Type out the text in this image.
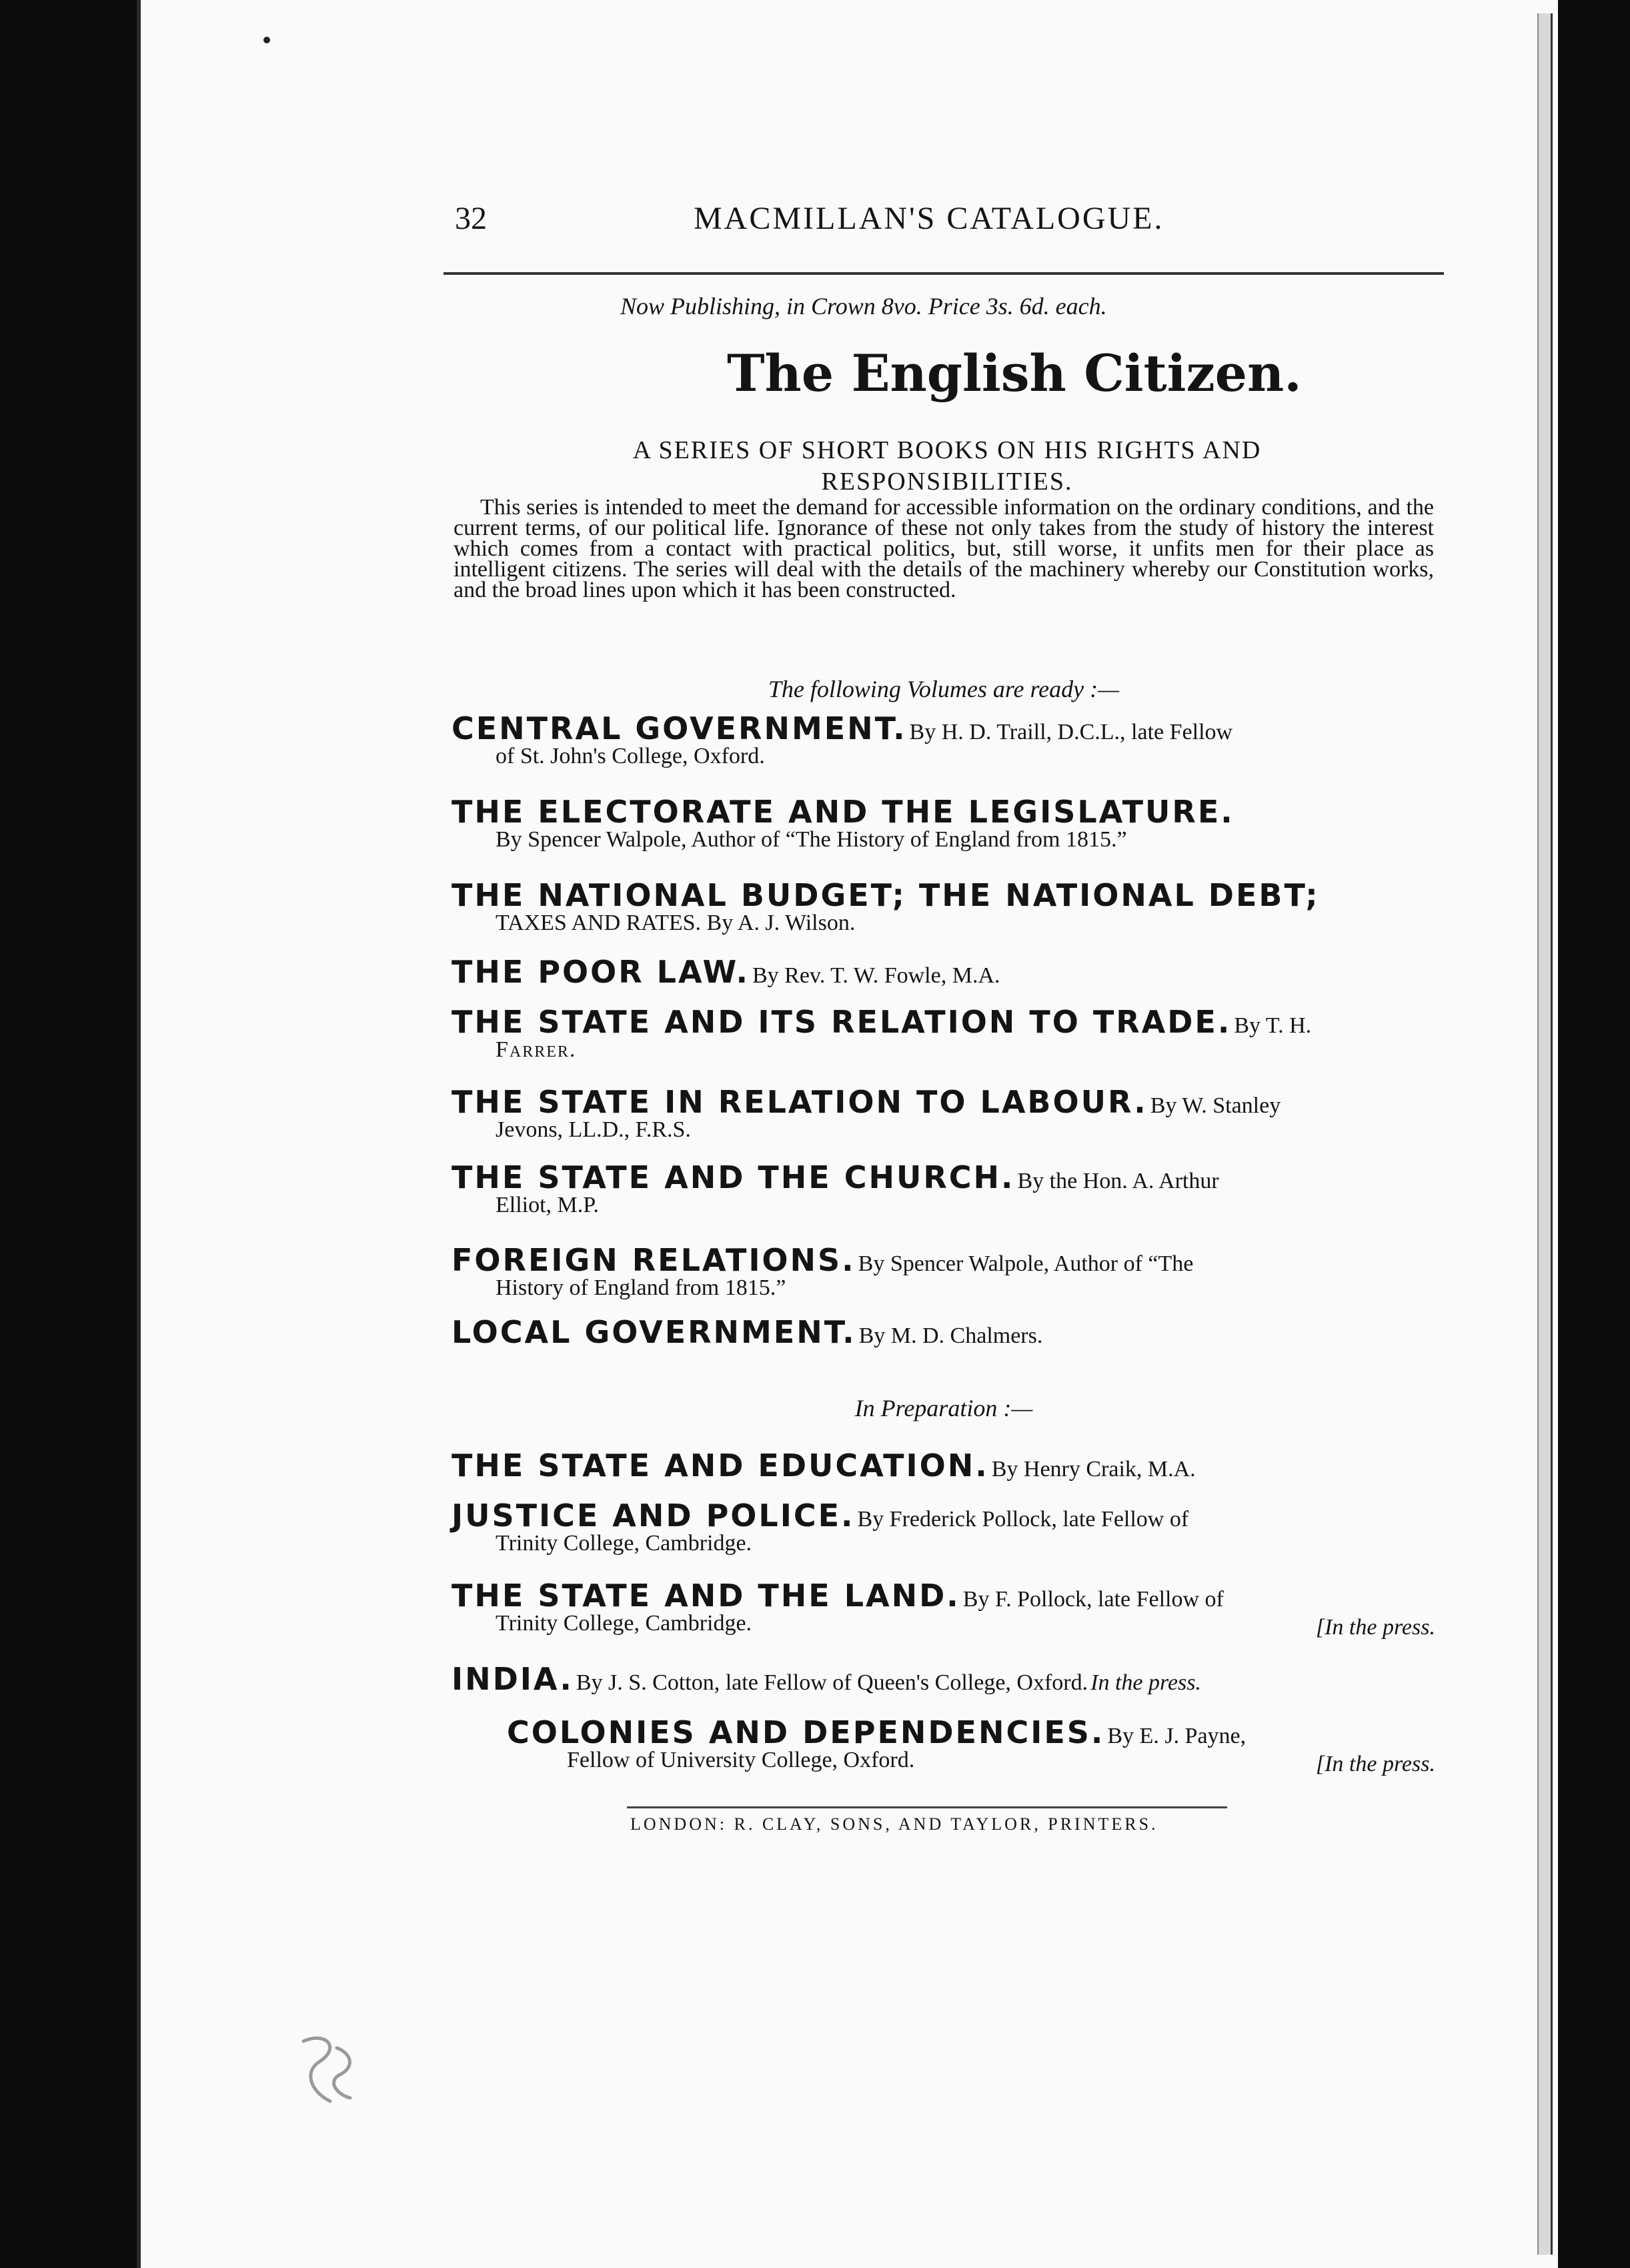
32	MACMILLAN'S CATALOGUE.
Now Publishing, in Crown 8vo. Price 3s. 6d. each.
The English Citizen.
A SERIES OF SHORT BOOKS ON HIS RIGHTS AND RESPONSIBILITIES.
This series is intended to meet the demand for accessible information on the ordinary conditions, and the current terms, of our political life. Ignorance of these not only takes from the study of history the interest which comes from a contact with practical politics, but, still worse, it unfits men for their place as intelligent citizens. The series will deal with the details of the machinery whereby our Constitution works, and the broad lines upon which it has been constructed.
The following Volumes are ready :—
CENTRAL GOVERNMENT. By H. D. Traill, D.C.L., late Fellow
of St. John's College, Oxford.
THE ELECTORATE AND THE LEGISLATURE.
By Spencer Walpole, Author of “The History of England from 1815.”
THE NATIONAL BUDGET; THE NATIONAL DEBT;
TAXES AND RATES. By A. J. Wilson.
THE POOR LAW. By Rev. T. W. Fowle, M.A.
THE STATE AND ITS RELATION TO TRADE. By T. H.
Farrer.
THE STATE IN RELATION TO LABOUR. By W. Stanley
Jevons, LL.D., F.R.S.
THE STATE AND THE CHURCH. By the Hon. A. Arthur
Elliot, M.P.
FOREIGN RELATIONS. By Spencer Walpole, Author of “The
History of England from 1815.”
LOCAL GOVERNMENT. By M. D. Chalmers.
In Preparation :—
THE STATE AND EDUCATION. By Henry Craik, M.A.
JUSTICE AND POLICE. By Frederick Pollock, late Fellow of
Trinity College, Cambridge.
THE STATE AND THE LAND. By F. Pollock, late Fellow of
Trinity College, Cambridge.	[In the press.
INDIA. By J. S. Cotton, late Fellow of Queen's College, Oxford. In the press.
COLONIES AND DEPENDENCIES. By E. J. Payne,
Fellow of University College, Oxford.	[In the press.
LONDON: R. CLAY, SONS, AND TAYLOR, PRINTERS.
